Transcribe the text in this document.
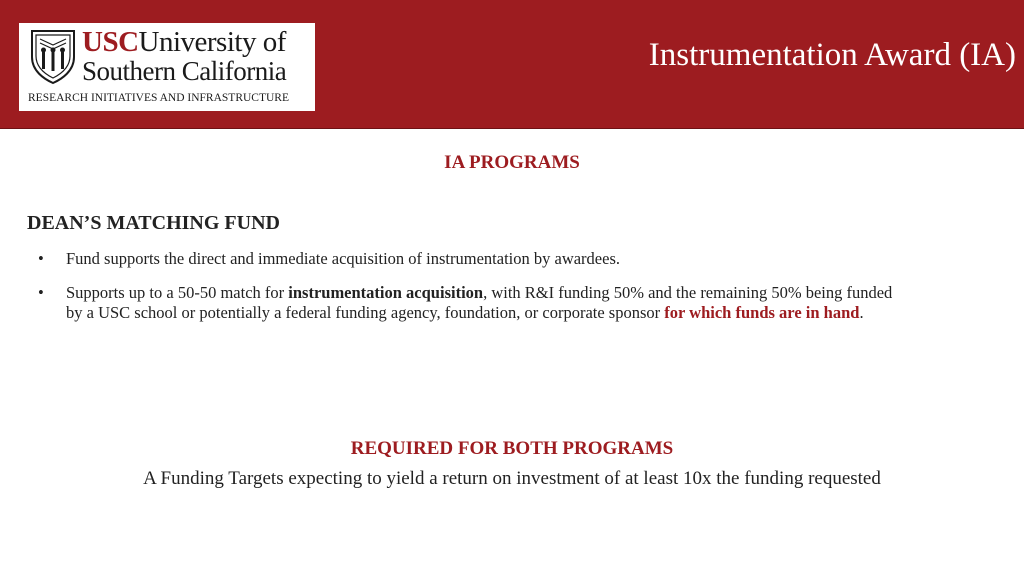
USCUniversity of
Southern California
RESEARCH INITIATIVES AND INFRASTRUCTURE
Instrumentation Award (IA)
IA PROGRAMS
DEAN’S MATCHING FUND
• Fund supports the direct and immediate acquisition of instrumentation by awardees.
• Supports up to a 50-50 match for instrumentation acquisition, with R&I funding 50% and the remaining 50% being funded by a USC school or potentially a federal funding agency, foundation, or corporate sponsor for which funds are in hand.
REQUIRED FOR BOTH PROGRAMS
A Funding Targets expecting to yield a return on investment of at least 10x the funding requested
